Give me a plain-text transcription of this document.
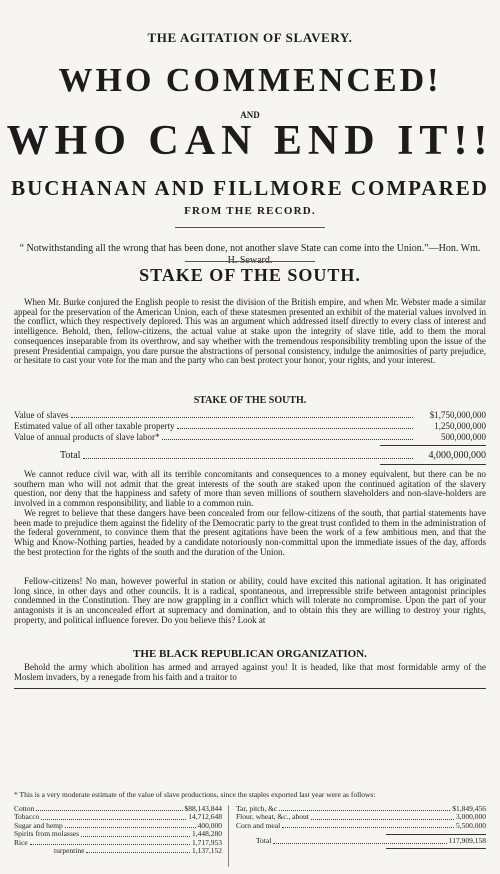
THE AGITATION OF SLAVERY.

WHO COMMENCED!

AND

WHO CAN END IT!!

BUCHANAN AND FILLMORE COMPARED

FROM THE RECORD.

“ Notwithstanding all the wrong that has been done, not another slave State can come into the Union.”—Hon. Wm. H. Seward.

STAKE OF THE SOUTH.

When Mr. Burke conjured the English people to resist the division of the British empire, and when Mr. Webster made a similar appeal for the preservation of the American Union, each of these statesmen presented an exhibit of the material values involved in the conflict, which they respectively deplored. This was an argument which addressed itself directly to every class of interest and intelligence. Behold, then, fellow-citizens, the actual value at stake upon the integrity of slave title, add to them the moral consequences inseparable from its overthrow, and say whether with the tremendous responsibility trembling upon the issue of the present Presidential campaign, you dare pursue the abstractions of personal consistency, indulge the animosities of party prejudice, or hesitate to cast your vote for the man and the party who can best protect your honor, your rights, and your interest.

STAKE OF THE SOUTH.

Value of slaves	$1,750,000,000
Estimated value of all other taxable property	1,250,000,000
Value of annual products of slave labor*	500,000,000
Total	4,000,000,000

We cannot reduce civil war, with all its terrible concomitants and consequences to a money equivalent, but there can be no southern man who will not admit that the great interests of the south are staked upon the continued agitation of the slavery question, nor deny that the happiness and safety of more than seven millions of southern slaveholders and non-slave-holders are involved in a common responsibility, and liable to a common ruin.

We regret to believe that these dangers have been concealed from our fellow-citizens of the south, that partial statements have been made to prejudice them against the fidelity of the Democratic party to the great trust confided to them in the administration of the federal government, to convince them that the present agitations have been the work of a few ambitious men, and that the Whig and Know-Nothing parties, headed by a candidate notoriously non-committal upon the immediate issues of the day, affords the best protection for the rights of the south and the duration of the Union.

Fellow-citizens! No man, however powerful in station or ability, could have excited this national agitation. It has originated long since, in other days and other councils. It is a radical, spontaneous, and irrepressible strife between antagonist principles condemned in the Constitution. They are now grappling in a conflict which will tolerate no compromise. Upon the part of your antagonists it is an unconcealed effort at supremacy and domination, and to obtain this they are willing to destroy your rights, property, and political influence forever. Do you believe this? Look at

THE BLACK REPUBLICAN ORGANIZATION.

Behold the army which abolition has armed and arrayed against you! It is headed, like that most formidable army of the Moslem invaders, by a renegade from his faith and a traitor to

* This is a very moderate estimate of the value of slave productions, since the staples exported last year were as follows:

Cotton	$88,143,844
Tobacco	14,712,648
Sugar and hemp	400,000
Spirits from molasses	1,448,280
Rice	1,717,953
turpentine	1,137,152
Tar, pitch, &c	$1,849,456
Flour, wheat, &c., about	3,000,000
Corn and meal	5,500,000
Total	117,909,158
